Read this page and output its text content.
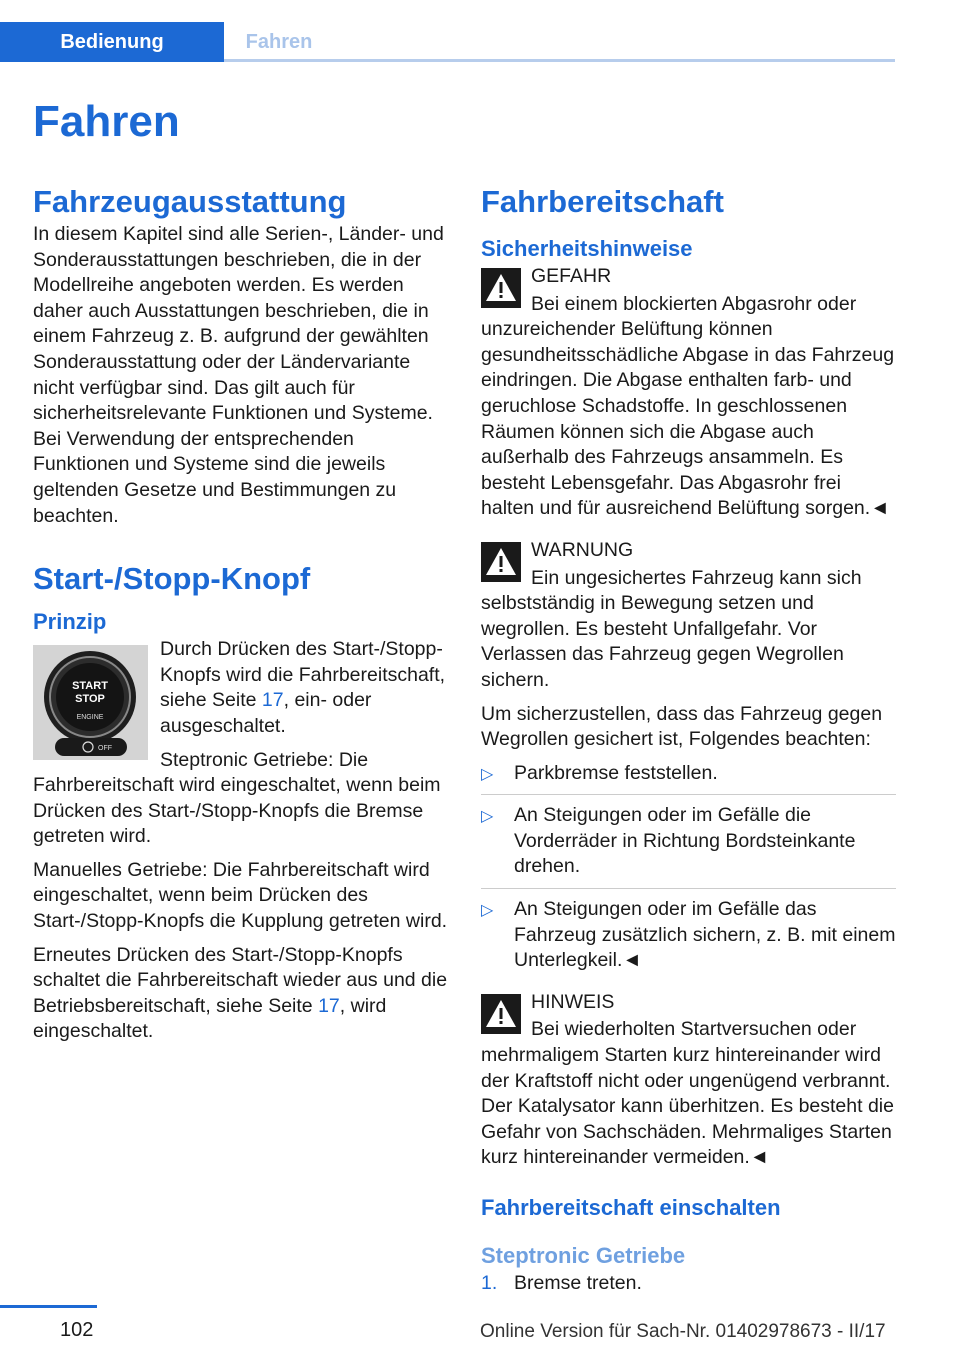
Bedienung	Fahren
Fahren
Fahrzeugausstattung

In diesem Kapitel sind alle Serien-, Länder- und Sonderausstattungen beschrieben, die in der Modellreihe angeboten werden. Es werden daher auch Ausstattungen beschrieben, die in einem Fahrzeug z. B. aufgrund der gewählten Sonderausstattung oder der Ländervariante nicht verfügbar sind. Das gilt auch für sicherheitsrelevante Funktionen und Systeme. Bei Verwendung der entsprechenden Funktionen und Systeme sind die jeweils geltenden Gesetze und Bestimmungen zu beachten.

Start-/Stopp-Knopf
Prinzip
START
STOP
ENGINE
OFF

Durch Drücken des Start-/Stopp-Knopfs wird die Fahrbereitschaft, siehe Seite 17, ein- oder ausgeschaltet.

Steptronic Getriebe: Die Fahrbereitschaft wird eingeschaltet, wenn beim Drücken des Start-/Stopp-Knopfs die Bremse getreten wird.

Manuelles Getriebe: Die Fahrbereitschaft wird eingeschaltet, wenn beim Drücken des Start-/Stopp-Knopfs die Kupplung getreten wird.

Erneutes Drücken des Start-/Stopp-Knopfs schaltet die Fahrbereitschaft wieder aus und die Betriebsbereitschaft, siehe Seite 17, wird eingeschaltet.

Fahrbereitschaft
Sicherheitshinweise
GEFAHR
Bei einem blockierten Abgasrohr oder unzureichender Belüftung können gesundheitsschädliche Abgase in das Fahrzeug eindringen. Die Abgase enthalten farb- und geruchlose Schadstoffe. In geschlossenen Räumen können sich die Abgase auch außerhalb des Fahrzeugs ansammeln. Es besteht Lebensgefahr. Das Abgasrohr frei halten und für ausreichend Belüftung sorgen.◄
WARNUNG
Ein ungesichertes Fahrzeug kann sich selbstständig in Bewegung setzen und wegrollen. Es besteht Unfallgefahr. Vor Verlassen das Fahrzeug gegen Wegrollen sichern.

Um sicherzustellen, dass das Fahrzeug gegen Wegrollen gesichert ist, Folgendes beachten:

▷ Parkbremse feststellen.
▷ An Steigungen oder im Gefälle die Vorderräder in Richtung Bordsteinkante drehen.
▷ An Steigungen oder im Gefälle das Fahrzeug zusätzlich sichern, z. B. mit einem Unterlegkeil.◄
HINWEIS
Bei wiederholten Startversuchen oder mehrmaligem Starten kurz hintereinander wird der Kraftstoff nicht oder ungenügend verbrannt. Der Katalysator kann überhitzen. Es besteht die Gefahr von Sachschäden. Mehrmaliges Starten kurz hintereinander vermeiden.◄
Fahrbereitschaft einschalten
Steptronic Getriebe
1. Bremse treten.
102	Online Version für Sach-Nr. 01402978673 - II/17
